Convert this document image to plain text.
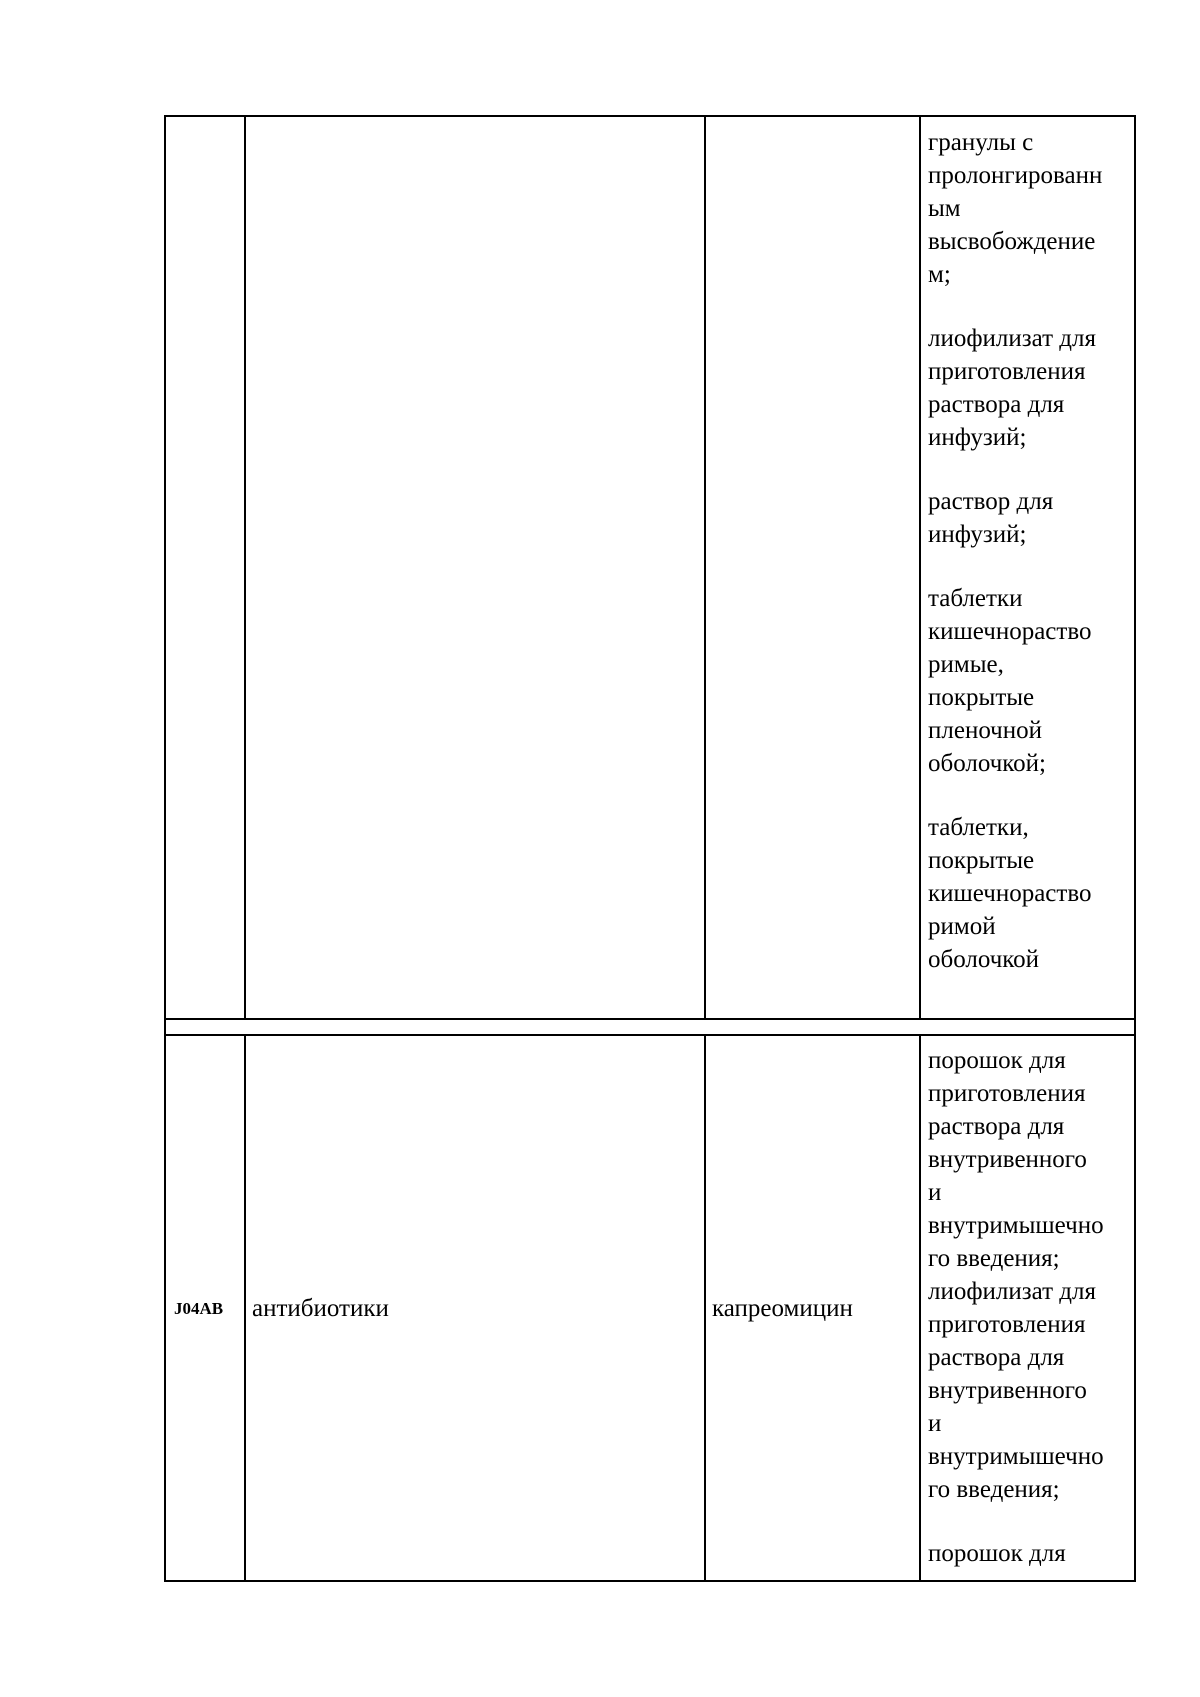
гранулы с
пролонгированн
ым
высвобождение
м;

лиофилизат для
приготовления
раствора для
инфузий;

раствор для
инфузий;

таблетки
кишечнораство
римые,
покрытые
пленочной
оболочкой;

таблетки,
покрытые
кишечнораство
римой
оболочкой

J04AB антибиотики	капреомицин

порошок для
приготовления
раствора для
внутривенного
и
внутримышечно
го введения;
лиофилизат для
приготовления
раствора для
внутривенного
и
внутримышечно
го введения;

порошок для
